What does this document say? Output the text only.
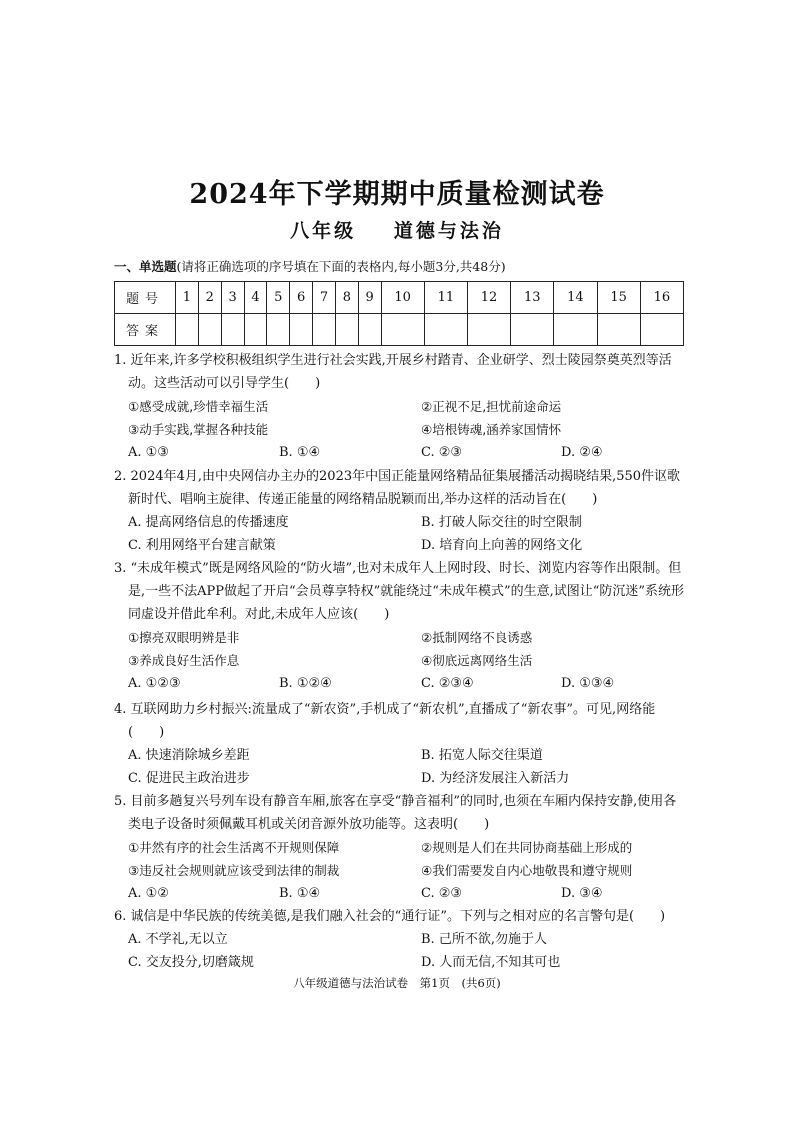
2024年下学期期中质量检测试卷
八年级 道德与法治
一、单选题(请将正确选项的序号填在下面的表格内,每小题3分,共48分)
题号	1	2	3	4	5	6	7	8	9	10	11	12	13	14	15	16
答案																

1. 近年来,许多学校积极组织学生进行社会实践,开展乡村踏青、企业研学、烈士陵园祭奠英烈等活动。这些活动可以引导学生(　　)

①感受成就,珍惜幸福生活	②正视不足,担忧前途命运
③动手实践,掌握各种技能	④培根铸魂,涵养家国情怀
A. ①③	B. ①④	C. ②③	D. ②④

2. 2024年4月,由中央网信办主办的2023年中国正能量网络精品征集展播活动揭晓结果,550件讴歌新时代、唱响主旋律、传递正能量的网络精品脱颖而出,举办这样的活动旨在(　　)

A. 提高网络信息的传播速度	B. 打破人际交往的时空限制
C. 利用网络平台建言献策	D. 培育向上向善的网络文化

3. “未成年模式”既是网络风险的“防火墙”,也对未成年人上网时段、时长、浏览内容等作出限制。但是,一些不法APP做起了开启“会员尊享特权”就能绕过“未成年模式”的生意,试图让“防沉迷”系统形同虚设并借此牟利。对此,未成年人应该(　　)

①擦亮双眼明辨是非	②抵制网络不良诱惑
③养成良好生活作息	④彻底远离网络生活
A. ①②③	B. ①②④	C. ②③④	D. ①③④

4. 互联网助力乡村振兴:流量成了“新农资”,手机成了“新农机”,直播成了“新农事”。可见,网络能(　　)

A. 快速消除城乡差距	B. 拓宽人际交往渠道
C. 促进民主政治进步	D. 为经济发展注入新活力

5. 目前多趟复兴号列车设有静音车厢,旅客在享受“静音福利”的同时,也须在车厢内保持安静,使用各类电子设备时须佩戴耳机或关闭音源外放功能等。这表明(　　)

①井然有序的社会生活离不开规则保障	②规则是人们在共同协商基础上形成的
③违反社会规则就应该受到法律的制裁	④我们需要发自内心地敬畏和遵守规则
A. ①②	B. ①④	C. ②③	D. ③④

6. 诚信是中华民族的传统美德,是我们融入社会的“通行证”。下列与之相对应的名言警句是(　　)

A. 不学礼,无以立	B. 己所不欲,勿施于人
C. 交友投分,切磨箴规	D. 人而无信,不知其可也
八年级道德与法治试卷　第1页　(共6页)
